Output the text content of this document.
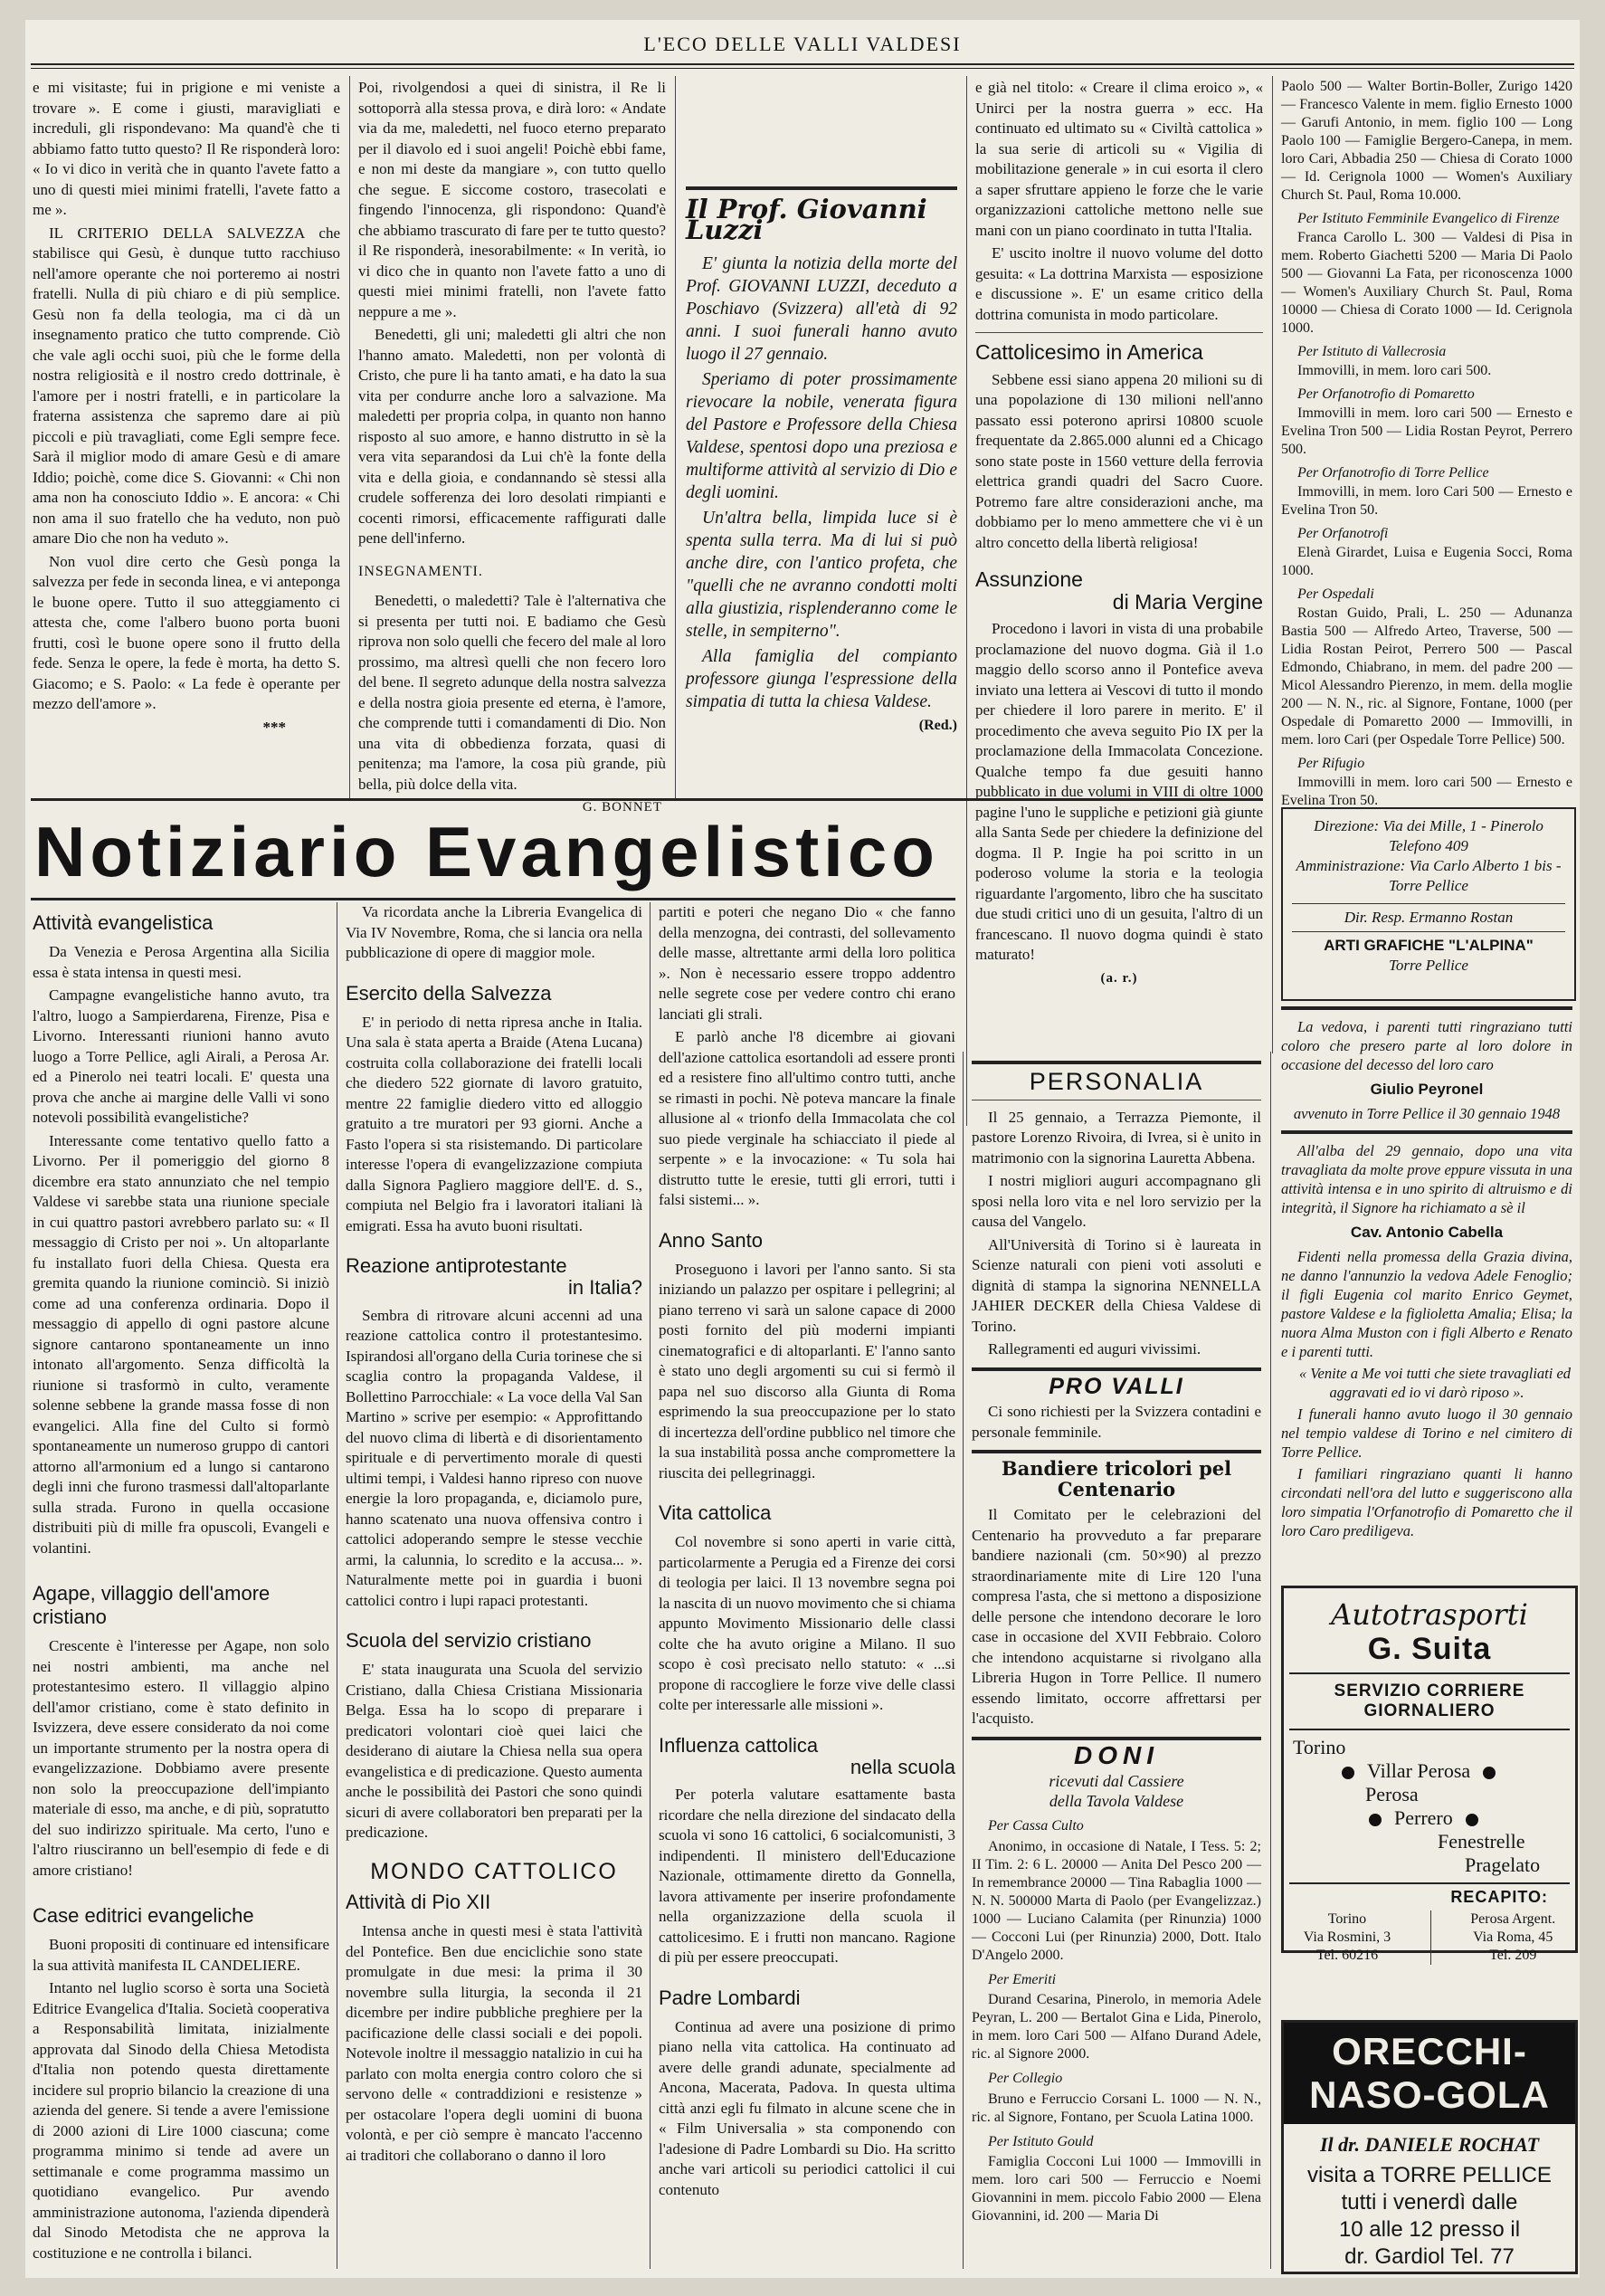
L'ECO DELLE VALLI VALDESI

e mi visitaste; fui in prigione e mi veniste a trovare ». E come i giusti, maravigliati e increduli, gli rispondevano: Ma quand'è che ti abbiamo fatto tutto questo? Il Re risponderà loro: « Io vi dico in verità che in quanto l'avete fatto a uno di questi miei minimi fratelli, l'avete fatto a me ».

IL CRITERIO DELLA SALVEZZA che stabilisce qui Gesù, è dunque tutto racchiuso nell'amore operante che noi porteremo ai nostri fratelli. Nulla di più chiaro e di più semplice. Gesù non fa della teologia, ma ci dà un insegnamento pratico che tutto comprende. Ciò che vale agli occhi suoi, più che le forme della nostra religiosità e il nostro credo dottrinale, è l'amore per i nostri fratelli, e in particolare la fraterna assistenza che sapremo dare ai più piccoli e più travagliati, come Egli sempre fece. Sarà il miglior modo di amare Gesù e di amare Iddio; poichè, come dice S. Giovanni: « Chi non ama non ha conosciuto Iddio ». E ancora: « Chi non ama il suo fratello che ha veduto, non può amare Dio che non ha veduto ».

Non vuol dire certo che Gesù ponga la salvezza per fede in seconda linea, e vi anteponga le buone opere. Tutto il suo atteggiamento ci attesta che, come l'albero buono porta buoni frutti, così le buone opere sono il frutto della fede. Senza le opere, la fede è morta, ha detto S. Giacomo; e S. Paolo: « La fede è operante per mezzo dell'amore ».

***

Poi, rivolgendosi a quei di sinistra, il Re li sottoporrà alla stessa prova, e dirà loro: « Andate via da me, maledetti, nel fuoco eterno preparato per il diavolo ed i suoi angeli! Poichè ebbi fame, e non mi deste da mangiare », con tutto quello che segue. E siccome costoro, trasecolati e fingendo l'innocenza, gli rispondono: Quand'è che abbiamo trascurato di fare per te tutto questo? il Re risponderà, inesorabilmente: « In verità, io vi dico che in quanto non l'avete fatto a uno di questi miei minimi fratelli, non l'avete fatto neppure a me ».

Benedetti, gli uni; maledetti gli altri che non l'hanno amato. Maledetti, non per volontà di Cristo, che pure li ha tanto amati, e ha dato la sua vita per condurre anche loro a salvazione. Ma maledetti per propria colpa, in quanto non hanno risposto al suo amore, e hanno distrutto in sè la vera vita separandosi da Lui ch'è la fonte della vita e della gioia, e condannando sè stessi alla crudele sofferenza dei loro desolati rimpianti e cocenti rimorsi, efficacemente raffigurati dalle pene dell'inferno.

INSEGNAMENTI.

Benedetti, o maledetti? Tale è l'alternativa che si presenta per tutti noi. E badiamo che Gesù riprova non solo quelli che fecero del male al loro prossimo, ma altresì quelli che non fecero loro del bene. Il segreto adunque della nostra salvezza e della nostra gioia presente ed eterna, è l'amore, che comprende tutti i comandamenti di Dio. Non una vita di obbedienza forzata, quasi di penitenza; ma l'amore, la cosa più grande, più bella, più dolce della vita.

G. BONNET
Il Prof. Giovanni Luzzi

E' giunta la notizia della morte del Prof. GIOVANNI LUZZI, deceduto a Poschiavo (Svizzera) all'età di 92 anni. I suoi funerali hanno avuto luogo il 27 gennaio.

Speriamo di poter prossimamente rievocare la nobile, venerata figura del Pastore e Professore della Chiesa Valdese, spentosi dopo una preziosa e multiforme attività al servizio di Dio e degli uomini.

Un'altra bella, limpida luce si è spenta sulla terra. Ma di lui si può anche dire, con l'antico profeta, che "quelli che ne avranno condotti molti alla giustizia, risplenderanno come le stelle, in sempiterno".

Alla famiglia del compianto professore giunga l'espressione della simpatia di tutta la chiesa Valdese.

(Red.)

e già nel titolo: « Creare il clima eroico », « Unirci per la nostra guerra » ecc. Ha continuato ed ultimato su « Civiltà cattolica » la sua serie di articoli su « Vigilia di mobilitazione generale » in cui esorta il clero a saper sfruttare appieno le forze che le varie organizzazioni cattoliche mettono nelle sue mani con un piano coordinato in tutta l'Italia.

E' uscito inoltre il nuovo volume del dotto gesuita: « La dottrina Marxista — esposizione e discussione ». E' un esame critico della dottrina comunista in modo particolare.

Cattolicesimo in America

Sebbene essi siano appena 20 milioni su di una popolazione di 130 milioni nell'anno passato essi poterono aprirsi 10800 scuole frequentate da 2.865.000 alunni ed a Chicago sono state poste in 1560 vetture della ferrovia elettrica grandi quadri del Sacro Cuore. Potremo fare altre considerazioni anche, ma dobbiamo per lo meno ammettere che vi è un altro concetto della libertà religiosa!

Assunzione
di Maria Vergine

Procedono i lavori in vista di una probabile proclamazione del nuovo dogma. Già il 1.o maggio dello scorso anno il Pontefice aveva inviato una lettera ai Vescovi di tutto il mondo per chiedere il loro parere in merito. E' il procedimento che aveva seguito Pio IX per la proclamazione della Immacolata Concezione. Qualche tempo fa due gesuiti hanno pubblicato in due volumi in VIII di oltre 1000 pagine l'uno le suppliche e petizioni già giunte alla Santa Sede per chiedere la definizione del dogma. Il P. Ingie ha poi scritto in un poderoso volume la storia e la teologia riguardante l'argomento, libro che ha suscitato due studi critici uno di un gesuita, l'altro di un francescano. Il nuovo dogma quindi è stato maturato!

(a. r.)

Paolo 500 — Walter Bortin-Boller, Zurigo 1420 — Francesco Valente in mem. figlio Ernesto 1000 — Garufi Antonio, in mem. figlio 100 — Long Paolo 100 — Famiglie Bergero-Canepa, in mem. loro Cari, Abbadia 250 — Chiesa di Corato 1000 — Id. Cerignola 1000 — Women's Auxiliary Church St. Paul, Roma 10.000.

Per Istituto Femminile Evangelico di Firenze

Franca Carollo L. 300 — Valdesi di Pisa in mem. Roberto Giachetti 5200 — Maria Di Paolo 500 — Giovanni La Fata, per riconoscenza 1000 — Women's Auxiliary Church St. Paul, Roma 10000 — Chiesa di Corato 1000 — Id. Cerignola 1000.

Per Istituto di Vallecrosia

Immovilli, in mem. loro cari 500.

Per Orfanotrofio di Pomaretto

Immovilli in mem. loro cari 500 — Ernesto e Evelina Tron 500 — Lidia Rostan Peyrot, Perrero 500.

Per Orfanotrofio di Torre Pellice

Immovilli, in mem. loro Cari 500 — Ernesto e Evelina Tron 50.

Per Orfanotrofi

Elenà Girardet, Luisa e Eugenia Socci, Roma 1000.

Per Ospedali

Rostan Guido, Prali, L. 250 — Adunanza Bastia 500 — Alfredo Arteo, Traverse, 500 — Lidia Rostan Peirot, Perrero 500 — Pascal Edmondo, Chiabrano, in mem. del padre 200 — Micol Alessandro Pierenzo, in mem. della moglie 200 — N. N., ric. al Signore, Fontane, 1000 (per Ospedale di Pomaretto 2000 — Immovilli, in mem. loro Cari (per Ospedale Torre Pellice) 500.

Per Rifugio

Immovilli in mem. loro cari 500 — Ernesto e Evelina Tron 50.

Direzione: Via dei Mille, 1 - Pinerolo
Telefono 409
Amministrazione: Via Carlo Alberto 1 bis - Torre Pellice
Dir. Resp. Ermanno Rostan
ARTI GRAFICHE "L'ALPINA"
Torre Pellice
Notiziario Evangelistico
Attività evangelistica

Da Venezia e Perosa Argentina alla Sicilia essa è stata intensa in questi mesi.

Campagne evangelistiche hanno avuto, tra l'altro, luogo a Sampierdarena, Firenze, Pisa e Livorno. Interessanti riunioni hanno avuto luogo a Torre Pellice, agli Airali, a Perosa Ar. ed a Pinerolo nei teatri locali. E' questa una prova che anche ai margine delle Valli vi sono notevoli possibilità evangelistiche?

Interessante come tentativo quello fatto a Livorno. Per il pomeriggio del giorno 8 dicembre era stato annunziato che nel tempio Valdese vi sarebbe stata una riunione speciale in cui quattro pastori avrebbero parlato su: « Il messaggio di Cristo per noi ». Un altoparlante fu installato fuori della Chiesa. Questa era gremita quando la riunione cominciò. Si iniziò come ad una conferenza ordinaria. Dopo il messaggio di appello di ogni pastore alcune signore cantarono spontaneamente un inno intonato all'argomento. Senza difficoltà la riunione si trasformò in culto, veramente solenne sebbene la grande massa fosse di non evangelici. Alla fine del Culto si formò spontaneamente un numeroso gruppo di cantori attorno all'armonium ed a lungo si cantarono degli inni che furono trasmessi dall'altoparlante sulla strada. Furono in quella occasione distribuiti più di mille fra opuscoli, Evangeli e volantini.

Agape, villaggio dell'amore cristiano

Crescente è l'interesse per Agape, non solo nei nostri ambienti, ma anche nel protestantesimo estero. Il villaggio alpino dell'amor cristiano, come è stato definito in Isvizzera, deve essere considerato da noi come un importante strumento per la nostra opera di evangelizzazione. Dobbiamo avere presente non solo la preoccupazione dell'impianto materiale di esso, ma anche, e di più, sopratutto del suo indirizzo spirituale. Ma certo, l'uno e l'altro riusciranno un bell'esempio di fede e di amore cristiano!

Case editrici evangeliche

Buoni propositi di continuare ed intensificare la sua attività manifesta IL CANDELIERE.

Intanto nel luglio scorso è sorta una Società Editrice Evangelica d'Italia. Società cooperativa a Responsabilità limitata, inizialmente approvata dal Sinodo della Chiesa Metodista d'Italia non potendo questa direttamente incidere sul proprio bilancio la creazione di una azienda del genere. Si tende a avere l'emissione di 2000 azioni di Lire 1000 ciascuna; come programma minimo si tende ad avere un settimanale e come programma massimo un quotidiano evangelico. Pur avendo amministrazione autonoma, l'azienda dipenderà dal Sinodo Metodista che ne approva la costituzione e ne controlla i bilanci.

Va ricordata anche la Libreria Evangelica di Via IV Novembre, Roma, che si lancia ora nella pubblicazione di opere di maggior mole.

Esercito della Salvezza

E' in periodo di netta ripresa anche in Italia. Una sala è stata aperta a Braide (Atena Lucana) costruita colla collaborazione dei fratelli locali che diedero 522 giornate di lavoro gratuito, mentre 22 famiglie diedero vitto ed alloggio gratuito a tre muratori per 93 giorni. Anche a Fasto l'opera si sta risistemando. Di particolare interesse l'opera di evangelizzazione compiuta dalla Signora Pagliero maggiore dell'E. d. S., compiuta nel Belgio fra i lavoratori italiani là emigrati. Essa ha avuto buoni risultati.

Reazione antiprotestante
in Italia?

Sembra di ritrovare alcuni accenni ad una reazione cattolica contro il protestantesimo. Ispirandosi all'organo della Curia torinese che si scaglia contro la propaganda Valdese, il Bollettino Parrocchiale: « La voce della Val San Martino » scrive per esempio: « Approfittando del nuovo clima di libertà e di disorientamento spirituale e di pervertimento morale di questi ultimi tempi, i Valdesi hanno ripreso con nuove energie la loro propaganda, e, diciamolo pure, hanno scatenato una nuova offensiva contro i cattolici adoperando sempre le stesse vecchie armi, la calunnia, lo scredito e la accusa... ». Naturalmente mette poi in guardia i buoni cattolici contro i lupi rapaci protestanti.

Scuola del servizio cristiano

E' stata inaugurata una Scuola del servizio Cristiano, dalla Chiesa Cristiana Missionaria Belga. Essa ha lo scopo di preparare i predicatori volontari cioè quei laici che desiderano di aiutare la Chiesa nella sua opera evangelistica e di predicazione. Questo aumenta anche le possibilità dei Pastori che sono quindi sicuri di avere collaboratori ben preparati per la predicazione.

MONDO CATTOLICO
Attività di Pio XII

Intensa anche in questi mesi è stata l'attività del Pontefice. Ben due enciclichie sono state promulgate in due mesi: la prima il 30 novembre sulla liturgia, la seconda il 21 dicembre per indire pubbliche preghiere per la pacificazione delle classi sociali e dei popoli. Notevole inoltre il messaggio natalizio in cui ha parlato con molta energia contro coloro che si servono delle « contraddizioni e resistenze » per ostacolare l'opera degli uomini di buona volontà, e per ciò sempre è mancato l'accenno ai traditori che collaborano o danno il loro

partiti e poteri che negano Dio « che fanno della menzogna, dei contrasti, del sollevamento delle masse, altrettante armi della loro politica ». Non è necessario essere troppo addentro nelle segrete cose per vedere contro chi erano lanciati gli strali.

E parlò anche l'8 dicembre ai giovani dell'azione cattolica esortandoli ad essere pronti ed a resistere fino all'ultimo contro tutti, anche se rimasti in pochi. Nè poteva mancare la finale allusione al « trionfo della Immacolata che col suo piede verginale ha schiacciato il piede al serpente » e la invocazione: « Tu sola hai distrutto tutte le eresie, tutti gli errori, tutti i falsi sistemi... ».

Anno Santo

Proseguono i lavori per l'anno santo. Si sta iniziando un palazzo per ospitare i pellegrini; al piano terreno vi sarà un salone capace di 2000 posti fornito del più moderni impianti cinematografici e di altoparlanti. E' l'anno santo è stato uno degli argomenti su cui si fermò il papa nel suo discorso alla Giunta di Roma esprimendo la sua preoccupazione per lo stato di incertezza dell'ordine pubblico nel timore che la sua instabilità possa anche compromettere la riuscita dei pellegrinaggi.

Vita cattolica

Col novembre si sono aperti in varie città, particolarmente a Perugia ed a Firenze dei corsi di teologia per laici. Il 13 novembre segna poi la nascita di un nuovo movimento che si chiama appunto Movimento Missionario delle classi colte che ha avuto origine a Milano. Il suo scopo è così precisato nello statuto: « ...si propone di raccogliere le forze vive delle classi colte per interessarle alle missioni ».

Influenza cattolica
nella scuola

Per poterla valutare esattamente basta ricordare che nella direzione del sindacato della scuola vi sono 16 cattolici, 6 socialcomunisti, 3 indipendenti. Il ministero dell'Educazione Nazionale, ottimamente diretto da Gonnella, lavora attivamente per inserire profondamente nella organizzazione della scuola il cattolicesimo. E i frutti non mancano. Ragione di più per essere preoccupati.

Padre Lombardi

Continua ad avere una posizione di primo piano nella vita cattolica. Ha continuato ad avere delle grandi adunate, specialmente ad Ancona, Macerata, Padova. In questa ultima città anzi egli fu filmato in alcune scene che in « Film Universalia » sta componendo con l'adesione di Padre Lombardi su Dio. Ha scritto anche vari articoli su periodici cattolici il cui contenuto

PERSONALIA

Il 25 gennaio, a Terrazza Piemonte, il pastore Lorenzo Rivoira, di Ivrea, si è unito in matrimonio con la signorina Lauretta Abbena.

I nostri migliori auguri accompagnano gli sposi nella loro vita e nel loro servizio per la causa del Vangelo.

All'Università di Torino si è laureata in Scienze naturali con pieni voti assoluti e dignità di stampa la signorina NENNELLA JAHIER DECKER della Chiesa Valdese di Torino.

Rallegramenti ed auguri vivissimi.

PRO VALLI

Ci sono richiesti per la Svizzera contadini e personale femminile.

Bandiere tricolori pel Centenario

Il Comitato per le celebrazioni del Centenario ha provveduto a far preparare bandiere nazionali (cm. 50×90) al prezzo straordinariamente mite di Lire 120 l'una compresa l'asta, che si mettono a disposizione delle persone che intendono decorare le loro case in occasione del XVII Febbraio. Coloro che intendono acquistarne si rivolgano alla Libreria Hugon in Torre Pellice. Il numero essendo limitato, occorre affrettarsi per l'acquisto.

DONI
ricevuti dal Cassiere
della Tavola Valdese
Per Cassa Culto

Anonimo, in occasione di Natale, I Tess. 5: 2; II Tim. 2: 6 L. 20000 — Anita Del Pesco 200 — In remembrance 20000 — Tina Rabaglia 1000 — N. N. 500000 Marta di Paolo (per Evangelizzaz.) 1000 — Luciano Calamita (per Rinunzia) 1000 — Cocconi Lui (per Rinunzia) 2000, Dott. Italo D'Angelo 2000.

Per Emeriti

Durand Cesarina, Pinerolo, in memoria Adele Peyran, L. 200 — Bertalot Gina e Lida, Pinerolo, in mem. loro Cari 500 — Alfano Durand Adele, ric. al Signore 2000.

Per Collegio

Bruno e Ferruccio Corsani L. 1000 — N. N., ric. al Signore, Fontano, per Scuola Latina 1000.

Per Istituto Gould

Famiglia Cocconi Lui 1000 — Immovilli in mem. loro cari 500 — Ferruccio e Noemi Giovannini in mem. piccolo Fabio 2000 — Elena Giovannini, id. 200 — Maria Di

La vedova, i parenti tutti ringraziano tutti coloro che presero parte al loro dolore in occasione del decesso del loro caro

Giulio Peyronel
avvenuto in Torre Pellice il 30 gennaio 1948

All'alba del 29 gennaio, dopo una vita travagliata da molte prove eppure vissuta in una attività intensa e in uno spirito di altruismo e di integrità, il Signore ha richiamato a sè il

Cav. Antonio Cabella

Fidenti nella promessa della Grazia divina, ne danno l'annunzio la vedova Adele Fenoglio; il figli Eugenia col marito Enrico Geymet, pastore Valdese e la figlioletta Amalia; Elisa; la nuora Alma Muston con i figli Alberto e Renato e i parenti tutti.

« Venite a Me voi tutti che siete travagliati ed aggravati ed io vi darò riposo ».

I funerali hanno avuto luogo il 30 gennaio nel tempio valdese di Torino e nel cimitero di Torre Pellice.

I familiari ringraziano quanti li hanno circondati nell'ora del lutto e suggeriscono alla loro simpatia l'Orfanotrofio di Pomaretto che il loro Caro prediligeva.

Autotrasporti
G. Suita
SERVIZIO CORRIERE GIORNALIERO
Torino
Villar Perosa
Perosa
Perrero
Fenestrelle
Pragelato
RECAPITO:
Torino
Via Rosmini, 3
Tel. 60216
Perosa Argent.
Via Roma, 45
Tel. 209
ORECCHI-NASO-GOLA
Il dr. DANIELE ROCHAT
visita a TORRE PELLICE
tutti i venerdì dalle
10 alle 12 presso il
dr. Gardiol Tel. 77
